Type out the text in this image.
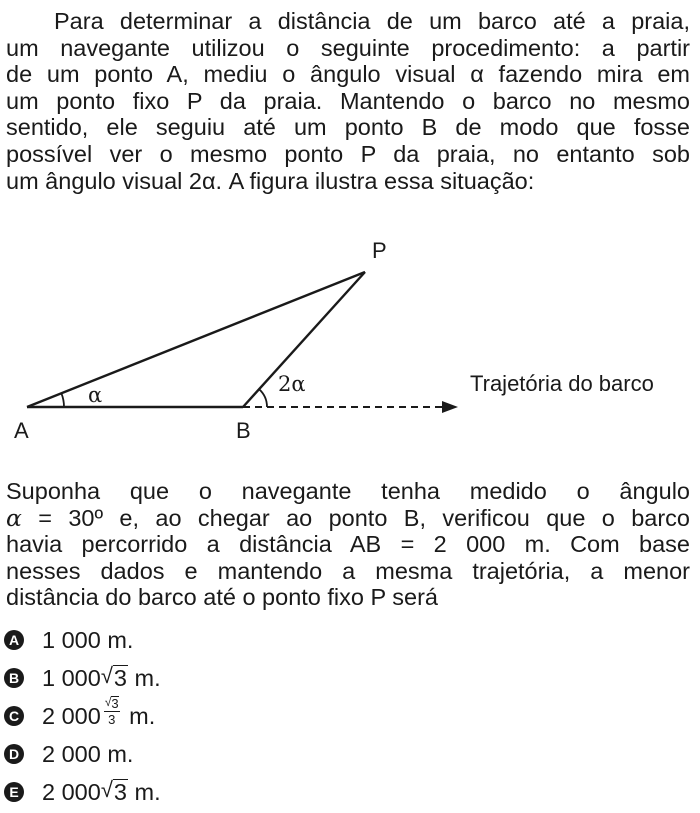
Para determinar a distância de um barco até a praia,
um navegante utilizou o seguinte procedimento: a partir
de um ponto A, mediu o ângulo visual α fazendo mira em
um ponto fixo P da praia. Mantendo o barco no mesmo
sentido, ele seguiu até um ponto B de modo que fosse
possível ver o mesmo ponto P da praia, no entanto sob
um ângulo visual 2α. A figura ilustra essa situação:
P
A	B
α	2α	Trajetória do barco
Suponha que o navegante tenha medido o ângulo
α = 30º e, ao chegar ao ponto B, verificou que o barco
havia percorrido a distância AB = 2 000 m. Com base
nesses dados e mantendo a mesma trajetória, a menor
distância do barco até o ponto fixo P será
A 1 000 m.
B 1 000 √ 3 m.
C 2 $000 \frac{√ 3}{3} m$.
D 2 000 m.
E 2 000 √ 3 m.
